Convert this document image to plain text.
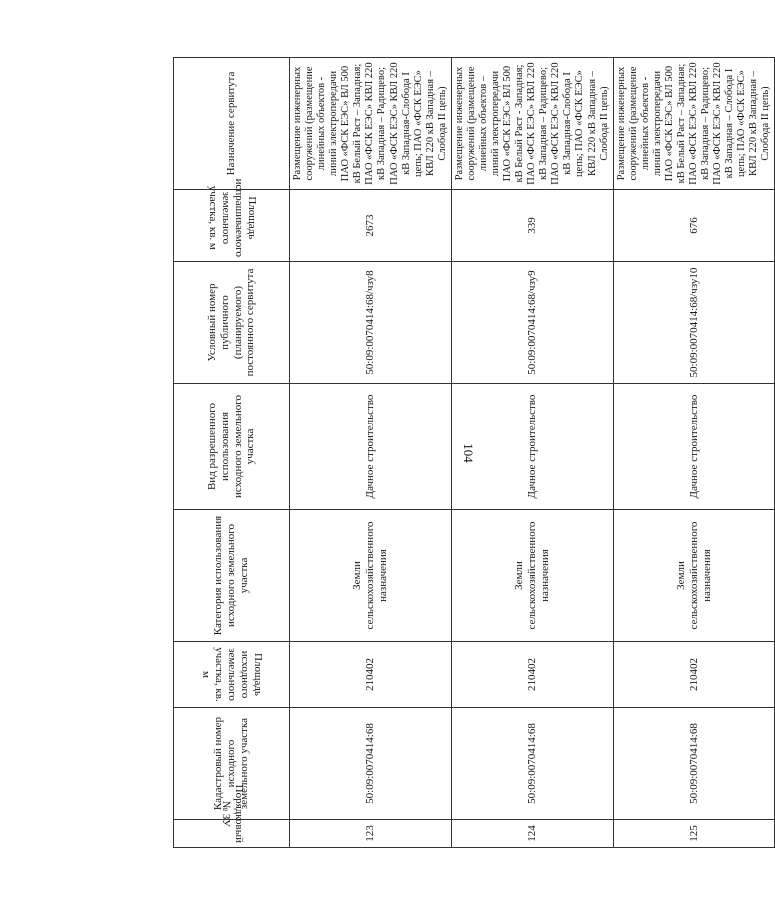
104
Порядковый № ЗУ	Кадастровый номер исходного земельного участка	Площадь исходного земельного участка, кв. м	Категория использования исходного земельного участка	Вид разрешенного использования исходного земельного участка	Условный номер публичного (планируемого) постоянного сервитута	Площадь испрашиваемого земельного участка, кв. м	Назначение сервитута
123	50:09:0070414:68	210402	Земли сельскохозяйственного назначения	Дачное строительство	50:09:0070414:68/чзу8	2673	Размещение инженерных сооружений (размещение линейных объектов - линий электропередачи ПАО «ФСК ЕЭС» ВЛ 500 кВ Белый Раст – Западная; ПАО «ФСК ЕЭС» КВЛ 220 кВ Западная – Радищево; ПАО «ФСК ЕЭС» КВЛ 220 кВ Западная-Слобода I цепь; ПАО «ФСК ЕЭС» КВЛ 220 кВ Западная – Слобода II цепь)
124	50:09:0070414:68	210402	Земли сельскохозяйственного назначения	Дачное строительство	50:09:0070414:68/чзу9	339	Размещение инженерных сооружений (размещение линейных объектов – линий электропередачи ПАО «ФСК ЕЭС» ВЛ 500 кВ Белый Раст - Западная; ПАО «ФСК ЕЭС» КВЛ 220 кВ Западная – Радищево; ПАО «ФСК ЕЭС» КВЛ 220 кВ Западная-Слобода I цепь; ПАО «ФСК ЕЭС» КВЛ 220 кВ Западная – Слобода II цепь)
125	50:09:0070414:68	210402	Земли сельскохозяйственного назначения	Дачное строительство	50:09:0070414:68/чзу10	676	Размещение инженерных сооружений (размещение линейных объектов - линий электропередачи ПАО «ФСК ЕЭС» ВЛ 500 кВ Белый Раст – Западная; ПАО «ФСК ЕЭС» КВЛ 220 кВ Западная – Радищево; ПАО «ФСК ЕЭС» КВЛ 220 кВ Западная – Слобода I цепь; ПАО «ФСК ЕЭС» КВЛ 220 кВ Западная – Слобода II цепь)
